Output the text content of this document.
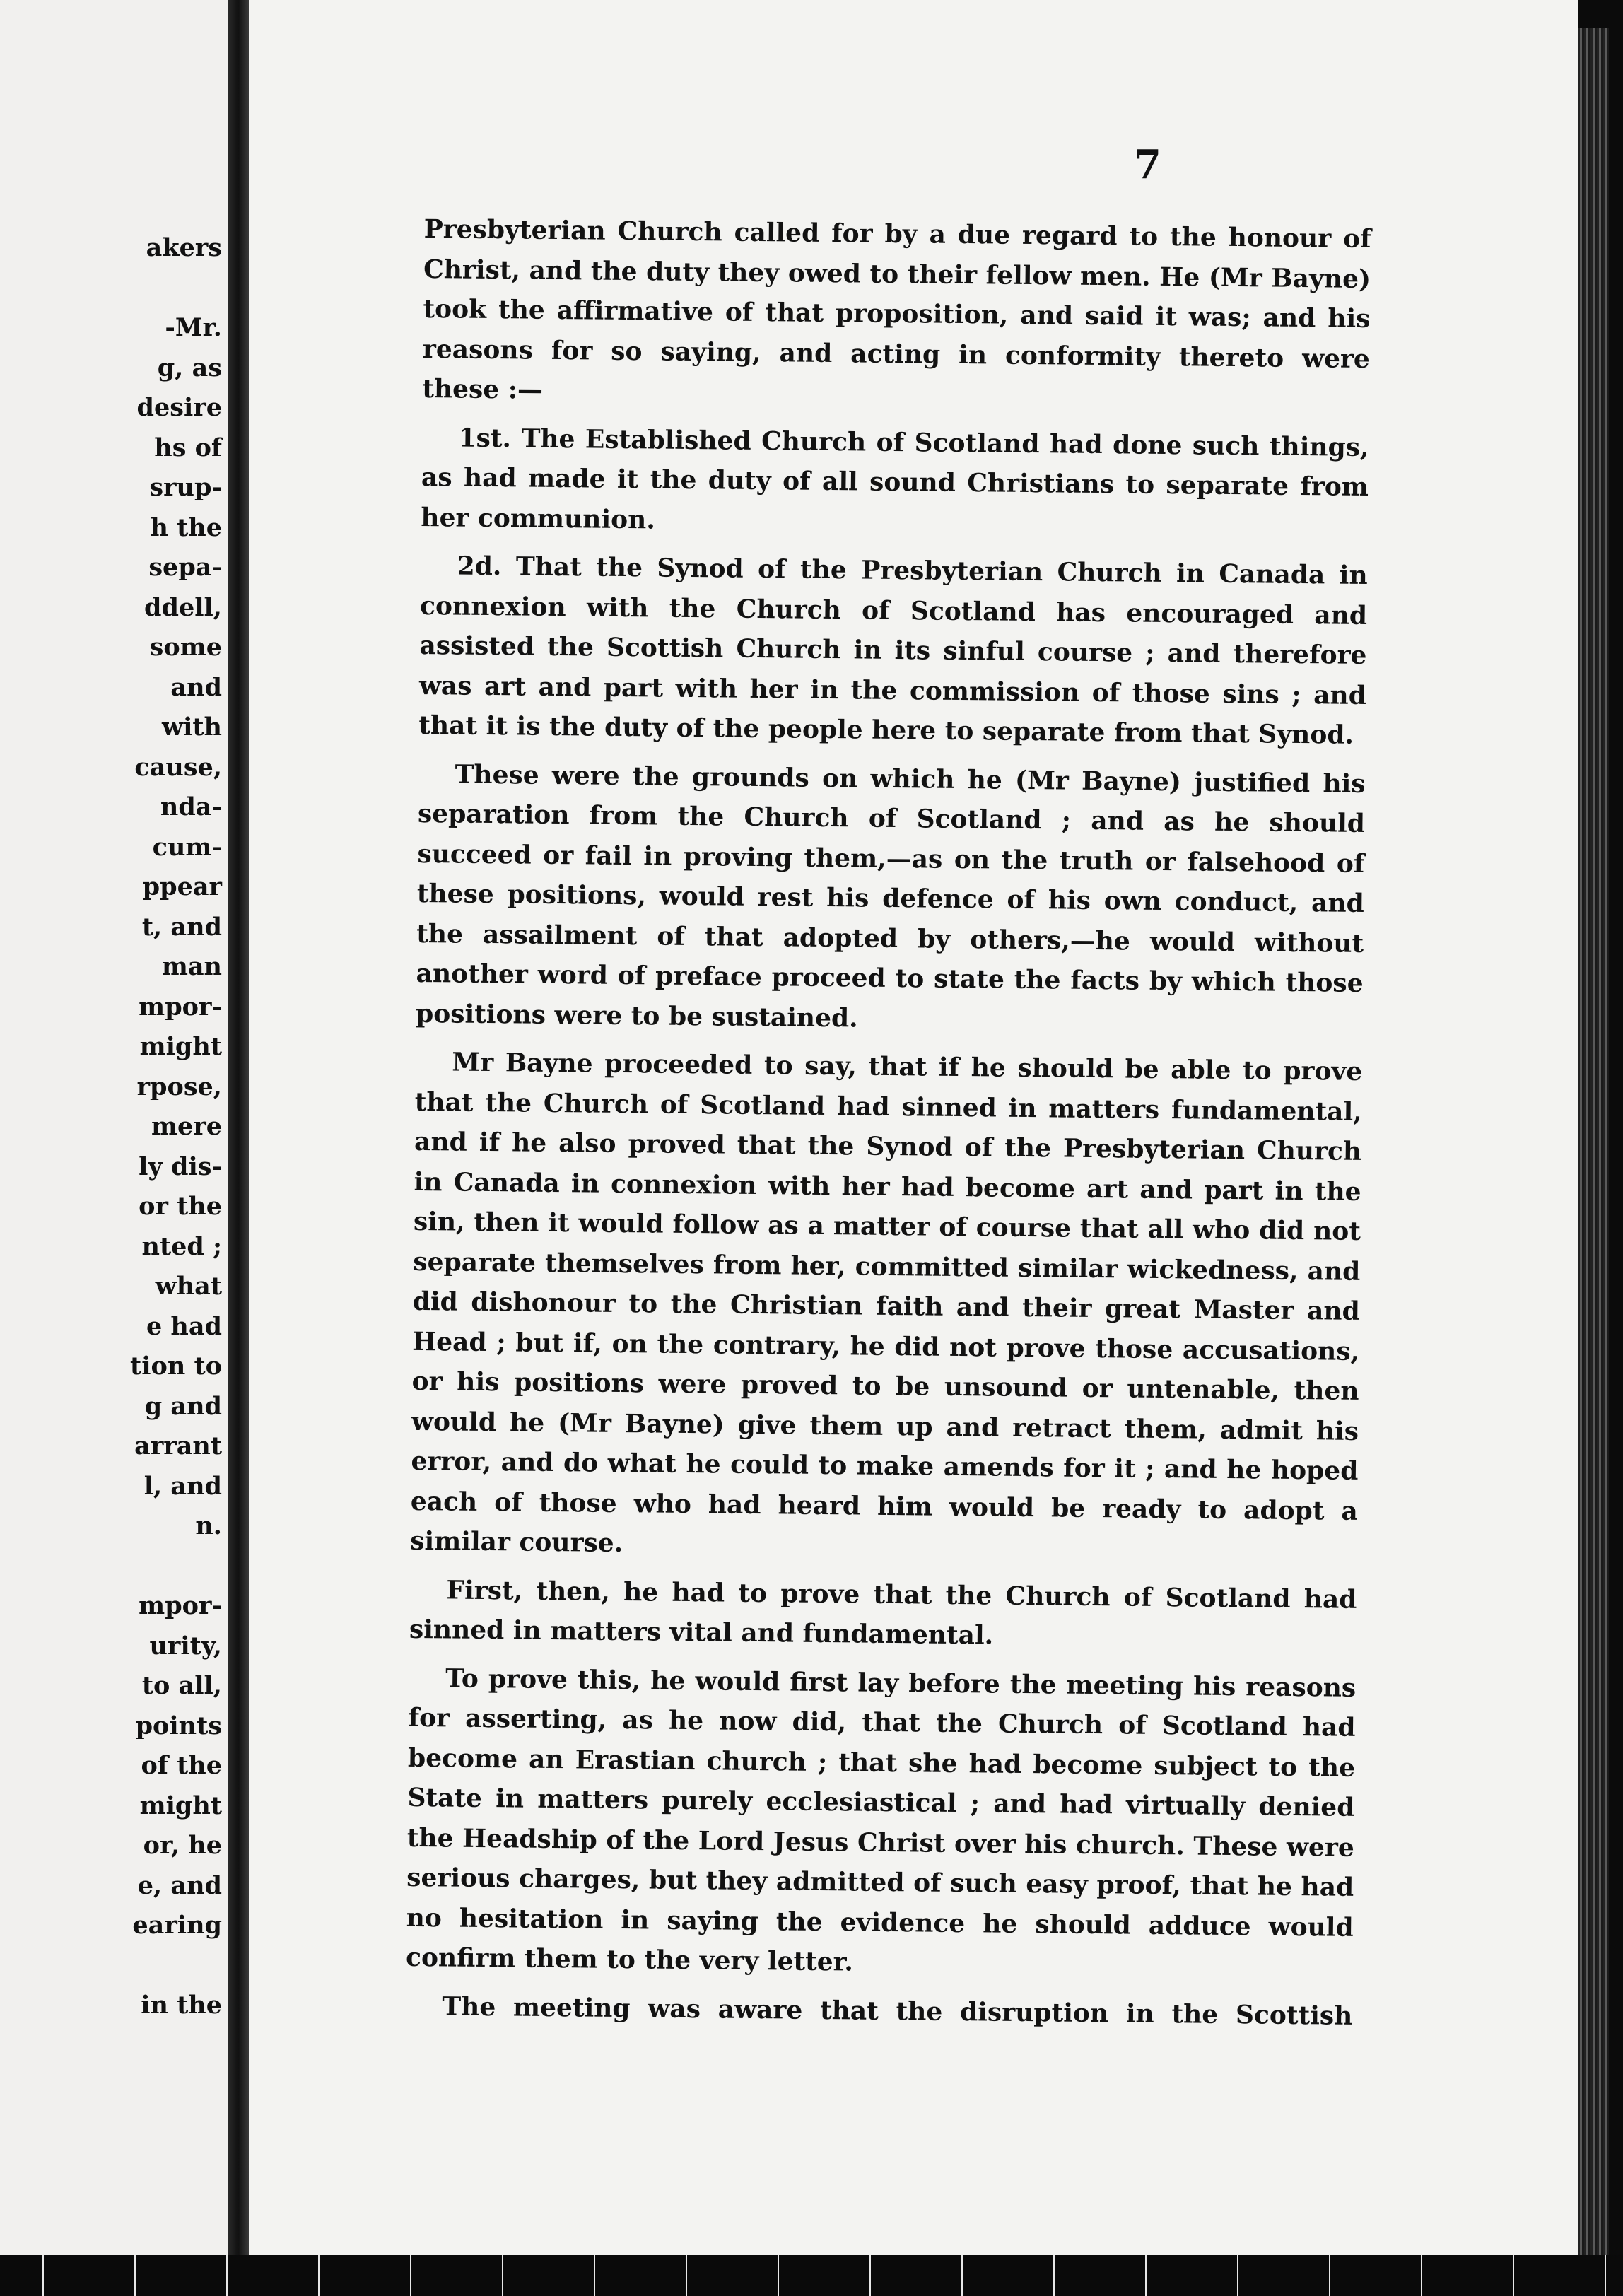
akers
-Mr.
g, as
desire
hs of
srup-
h the
sepa-
ddell,
some
and
with
cause,
nda-
cum-
ppear
t, and
man
mpor-
might
rpose,
mere
ly dis-
or the
nted ;
what
e had
tion to
g and
arrant
l, and
n.
mpor-
urity,
to all,
points
of the
might
or, he
e, and
earing
in the
7

Presbyterian Church called for by a due regard to the honour of Christ, and the duty they owed to their fellow men. He (Mr Bayne) took the affirmative of that proposition, and said it was; and his reasons for so saying, and acting in conformity thereto were these :—

1st. The Established Church of Scotland had done such things, as had made it the duty of all sound Christians to separate from her communion.

2d. That the Synod of the Presbyterian Church in Canada in connexion with the Church of Scotland has encouraged and assisted the Scottish Church in its sinful course ; and therefore was art and part with her in the commission of those sins ; and that it is the duty of the people here to separate from that Synod.

These were the grounds on which he (Mr Bayne) justified his separation from the Church of Scotland ; and as he should succeed or fail in proving them,—as on the truth or falsehood of these positions, would rest his defence of his own conduct, and the assailment of that adopted by others,—he would without another word of preface proceed to state the facts by which those positions were to be sustained.

Mr Bayne proceeded to say, that if he should be able to prove that the Church of Scotland had sinned in matters fundamental, and if he also proved that the Synod of the Presbyterian Church in Canada in connexion with her had become art and part in the sin, then it would follow as a matter of course that all who did not separate themselves from her, committed similar wickedness, and did dishonour to the Christian faith and their great Master and Head ; but if, on the contrary, he did not prove those accusations, or his positions were proved to be unsound or untenable, then would he (Mr Bayne) give them up and retract them, admit his error, and do what he could to make amends for it ; and he hoped each of those who had heard him would be ready to adopt a similar course.

First, then, he had to prove that the Church of Scotland had sinned in matters vital and fundamental.

To prove this, he would first lay before the meeting his reasons for asserting, as he now did, that the Church of Scotland had become an Erastian church ; that she had become subject to the State in matters purely ecclesiastical ; and had virtually denied the Headship of the Lord Jesus Christ over his church. These were serious charges, but they admitted of such easy proof, that he had no hesitation in saying the evidence he should adduce would confirm them to the very letter.

The meeting was aware that the disruption in the Scottish
